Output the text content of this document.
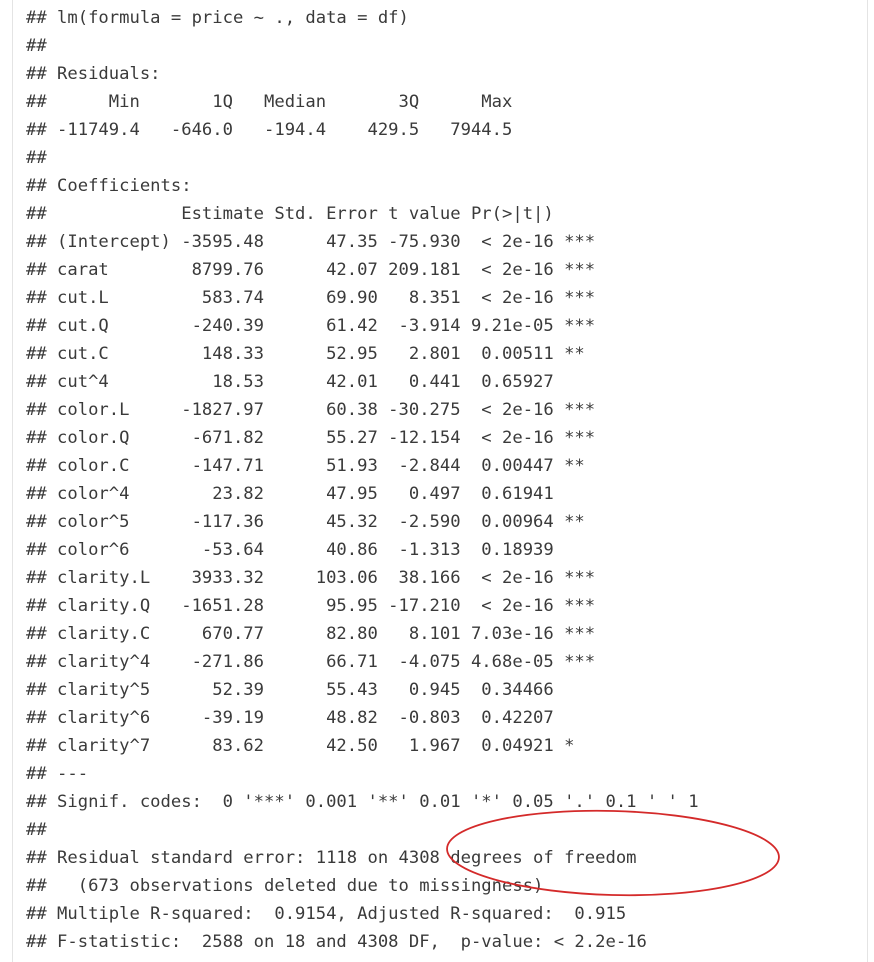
## lm(formula = price ~ ., data = df)
##
## Residuals:
##      Min       1Q   Median       3Q      Max
## -11749.4   -646.0   -194.4    429.5   7944.5
##
## Coefficients:
##             Estimate Std. Error t value Pr(>|t|)
## (Intercept) -3595.48      47.35 -75.930  < 2e-16 ***
## carat        8799.76      42.07 209.181  < 2e-16 ***
## cut.L         583.74      69.90   8.351  < 2e-16 ***
## cut.Q        -240.39      61.42  -3.914 9.21e-05 ***
## cut.C         148.33      52.95   2.801  0.00511 **
## cut^4          18.53      42.01   0.441  0.65927
## color.L     -1827.97      60.38 -30.275  < 2e-16 ***
## color.Q      -671.82      55.27 -12.154  < 2e-16 ***
## color.C      -147.71      51.93  -2.844  0.00447 **
## color^4        23.82      47.95   0.497  0.61941
## color^5      -117.36      45.32  -2.590  0.00964 **
## color^6       -53.64      40.86  -1.313  0.18939
## clarity.L    3933.32     103.06  38.166  < 2e-16 ***
## clarity.Q   -1651.28      95.95 -17.210  < 2e-16 ***
## clarity.C     670.77      82.80   8.101 7.03e-16 ***
## clarity^4    -271.86      66.71  -4.075 4.68e-05 ***
## clarity^5      52.39      55.43   0.945  0.34466
## clarity^6     -39.19      48.82  -0.803  0.42207
## clarity^7      83.62      42.50   1.967  0.04921 *
## ---
## Signif. codes:  0 '***' 0.001 '**' 0.01 '*' 0.05 '.' 0.1 ' ' 1
##
## Residual standard error: 1118 on 4308 degrees of freedom
##   (673 observations deleted due to missingness)
## Multiple R-squared:  0.9154, Adjusted R-squared:  0.915
## F-statistic:  2588 on 18 and 4308 DF,  p-value: < 2.2e-16
